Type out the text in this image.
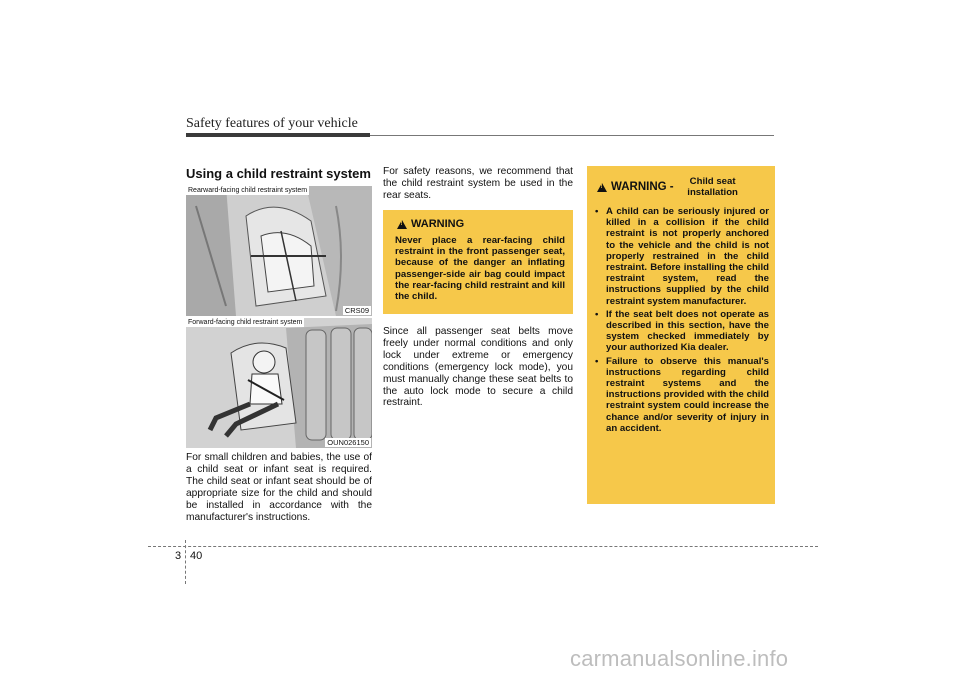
Safety features of your vehicle
Using a child restraint system
Rearward-facing child restraint system
CRS09
Forward-facing child restraint system
OUN026150
For small children and babies, the use of a child seat or infant seat is required. The child seat or infant seat should be of appropriate size for the child and should be installed in accordance with the manufacturer's instructions.
For safety reasons, we recommend that the child restraint system be used in the rear seats.
!
WARNING
Never place a rear-facing child restraint in the front passenger seat, because of the danger an inflating passenger-side air bag could impact the rear-facing child restraint and kill the child.
Since all passenger seat belts move freely under normal conditions and only lock under extreme or emergency conditions (emergency lock mode), you must manually change these seat belts to the auto lock mode to secure a child restraint.
!
WARNING -	Child seat installation
• A child can be seriously injured or killed in a collision if the child restraint is not properly anchored to the vehicle and the child is not properly restrained in the child restraint. Before installing the child restraint system, read the instructions supplied by the child restraint system manufacturer.
• If the seat belt does not operate as described in this section, have the system checked immediately by your authorized Kia dealer.
• Failure to observe this manual's instructions regarding child restraint systems and the instructions provided with the child restraint system could increase the chance and/or severity of injury in an accident.
3 40
carmanualsonline.info
